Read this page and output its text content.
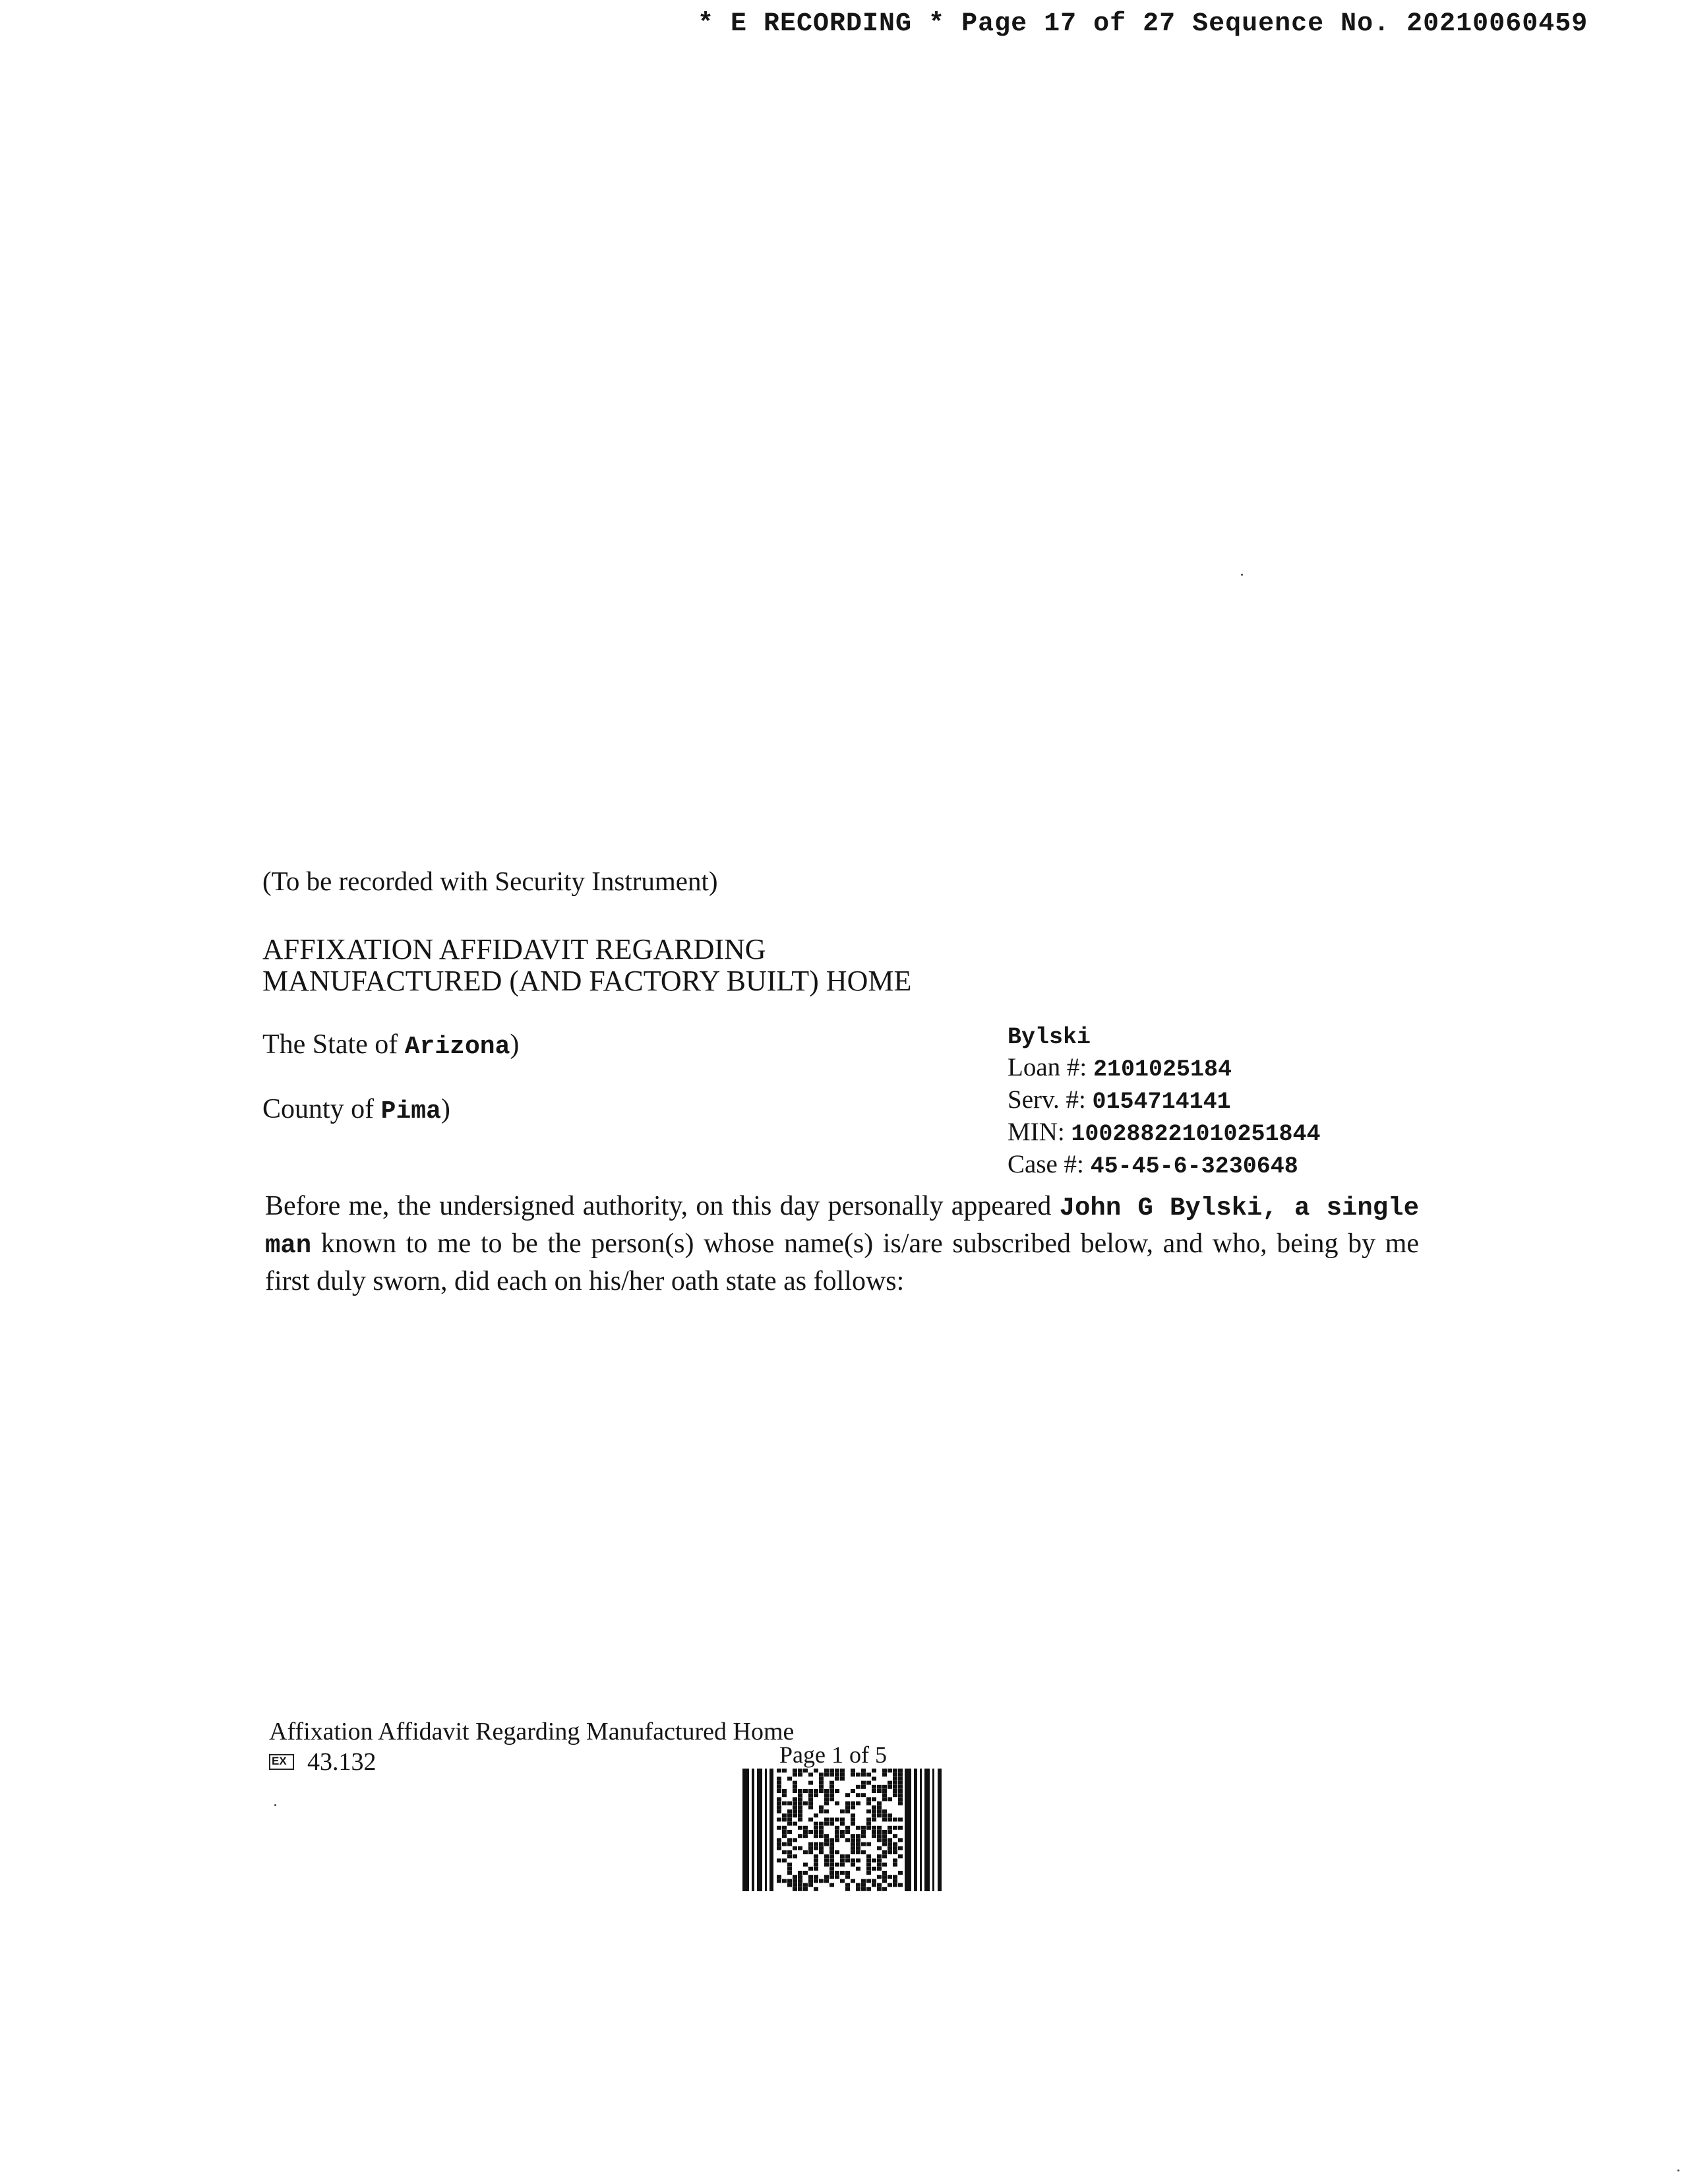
* E RECORDING * Page 17 of 27 Sequence No. 20210060459
(To be recorded with Security Instrument)
AFFIXATION AFFIDAVIT REGARDING
MANUFACTURED (AND FACTORY BUILT) HOME
The State of Arizona)
County of Pima)
Bylski
Loan #: 2101025184
Serv. #: 0154714141
MIN: 100288221010251844
Case #: 45-45-6-3230648
Before me, the undersigned authority, on this day personally appeared John G Bylski, a single man known to me to be the person(s) whose name(s) is/are subscribed below, and who, being by me first duly sworn, did each on his/her oath state as follows:
Affixation Affidavit Regarding Manufactured Home
EX
43.132	Page 1 of 5
